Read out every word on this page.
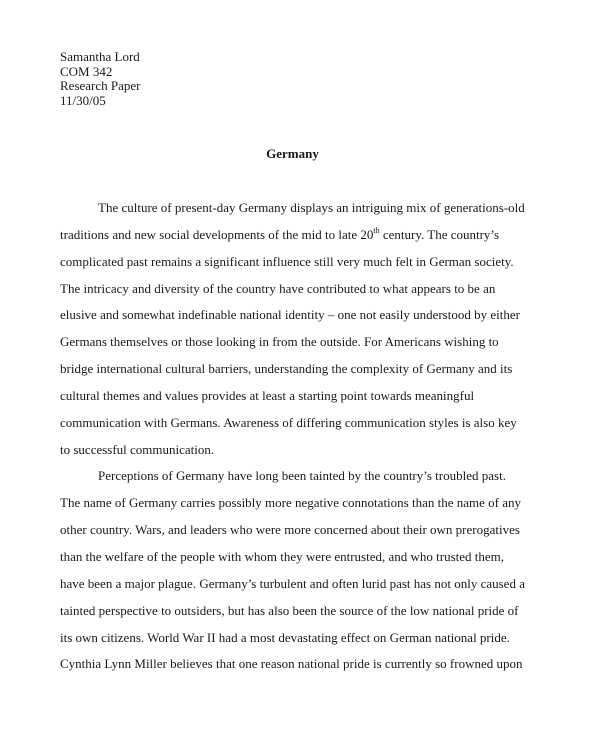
Samantha Lord
COM 342
Research Paper
11/30/05
Germany
The culture of present-day Germany displays an intriguing mix of generations-old
traditions and new social developments of the mid to late 20th century. The country’s
complicated past remains a significant influence still very much felt in German society.
The intricacy and diversity of the country have contributed to what appears to be an
elusive and somewhat indefinable national identity – one not easily understood by either
Germans themselves or those looking in from the outside. For Americans wishing to
bridge international cultural barriers, understanding the complexity of Germany and its
cultural themes and values provides at least a starting point towards meaningful
communication with Germans. Awareness of differing communication styles is also key
to successful communication.
Perceptions of Germany have long been tainted by the country’s troubled past.
The name of Germany carries possibly more negative connotations than the name of any
other country. Wars, and leaders who were more concerned about their own prerogatives
than the welfare of the people with whom they were entrusted, and who trusted them,
have been a major plague. Germany’s turbulent and often lurid past has not only caused a
tainted perspective to outsiders, but has also been the source of the low national pride of
its own citizens. World War II had a most devastating effect on German national pride.
Cynthia Lynn Miller believes that one reason national pride is currently so frowned upon
